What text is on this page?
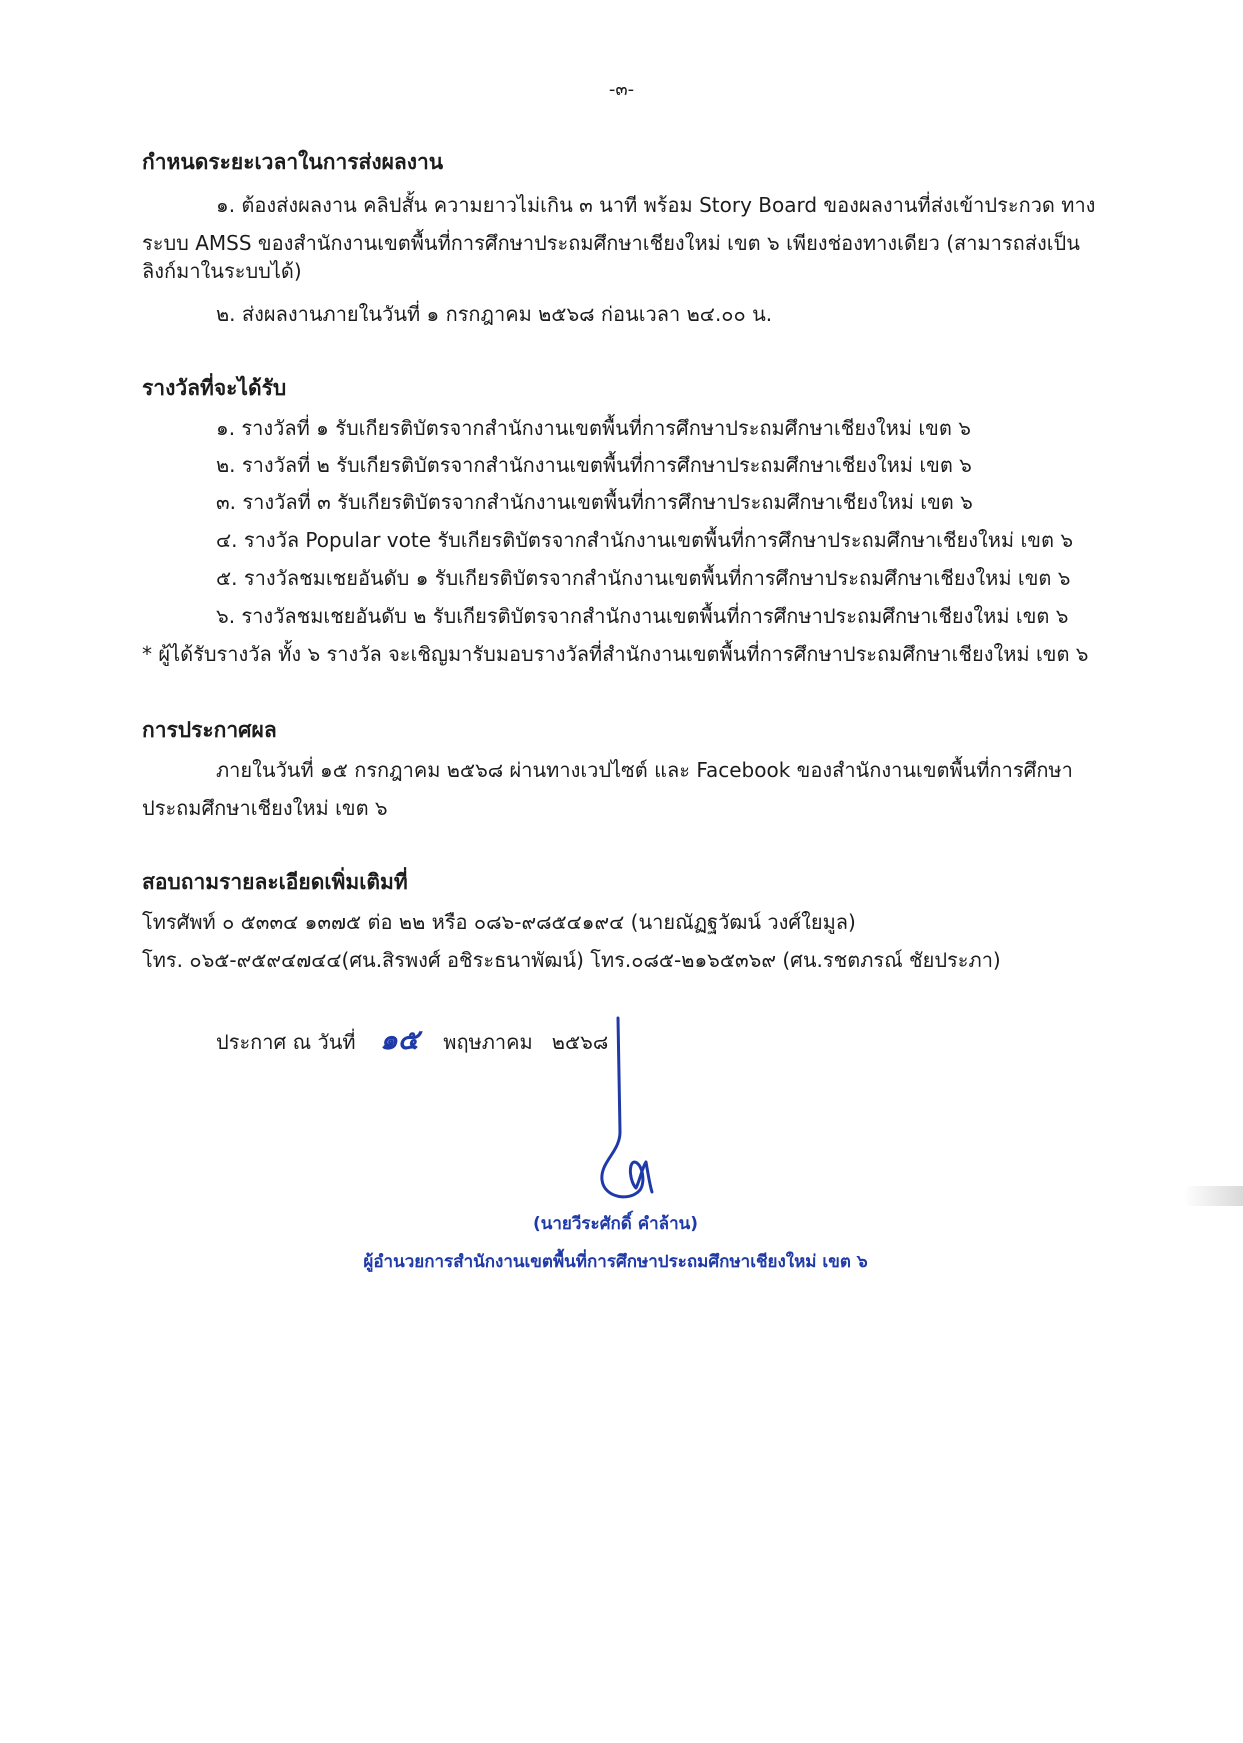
-๓-
กำหนดระยะเวลาในการส่งผลงาน
๑. ต้องส่งผลงาน คลิปสั้น ความยาวไม่เกิน ๓ นาที พร้อม Story Board ของผลงานที่ส่งเข้าประกวด ทาง
ระบบ AMSS ของสำนักงานเขตพื้นที่การศึกษาประถมศึกษาเชียงใหม่ เขต ๖ เพียงช่องทางเดียว (สามารถส่งเป็น
ลิงก์มาในระบบได้)
๒. ส่งผลงานภายในวันที่ ๑ กรกฎาคม ๒๕๖๘ ก่อนเวลา ๒๔.๐๐ น.
รางวัลที่จะได้รับ
๑. รางวัลที่ ๑ รับเกียรติบัตรจากสำนักงานเขตพื้นที่การศึกษาประถมศึกษาเชียงใหม่ เขต ๖
๒. รางวัลที่ ๒ รับเกียรติบัตรจากสำนักงานเขตพื้นที่การศึกษาประถมศึกษาเชียงใหม่ เขต ๖
๓. รางวัลที่ ๓ รับเกียรติบัตรจากสำนักงานเขตพื้นที่การศึกษาประถมศึกษาเชียงใหม่ เขต ๖
๔. รางวัล Popular vote รับเกียรติบัตรจากสำนักงานเขตพื้นที่การศึกษาประถมศึกษาเชียงใหม่ เขต ๖
๕. รางวัลชมเชยอันดับ ๑ รับเกียรติบัตรจากสำนักงานเขตพื้นที่การศึกษาประถมศึกษาเชียงใหม่ เขต ๖
๖. รางวัลชมเชยอันดับ ๒ รับเกียรติบัตรจากสำนักงานเขตพื้นที่การศึกษาประถมศึกษาเชียงใหม่ เขต ๖
* ผู้ได้รับรางวัล ทั้ง ๖ รางวัล จะเชิญมารับมอบรางวัลที่สำนักงานเขตพื้นที่การศึกษาประถมศึกษาเชียงใหม่ เขต ๖
การประกาศผล
ภายในวันที่ ๑๕ กรกฎาคม ๒๕๖๘ ผ่านทางเวปไซต์ และ Facebook ของสำนักงานเขตพื้นที่การศึกษา
ประถมศึกษาเชียงใหม่ เขต ๖
สอบถามรายละเอียดเพิ่มเติมที่
โทรศัพท์ ๐ ๕๓๓๔ ๑๓๗๕ ต่อ ๒๒ หรือ ๐๘๖-๙๘๕๔๑๙๔ (นายณัฏฐวัฒน์ วงศ์ใยมูล)
โทร. ๐๖๕-๙๕๙๔๗๔๔(ศน.สิรพงศ์ อชิระธนาพัฒน์) โทร.๐๘๕-๒๑๖๕๓๖๙ (ศน.รชตภรณ์ ชัยประภา)
ประกาศ ณ วันที่ ๑๕ พฤษภาคม ๒๕๖๘
(นายวีระศักดิ์ คำล้าน)
ผู้อำนวยการสำนักงานเขตพื้นที่การศึกษาประถมศึกษาเชียงใหม่ เขต ๖
